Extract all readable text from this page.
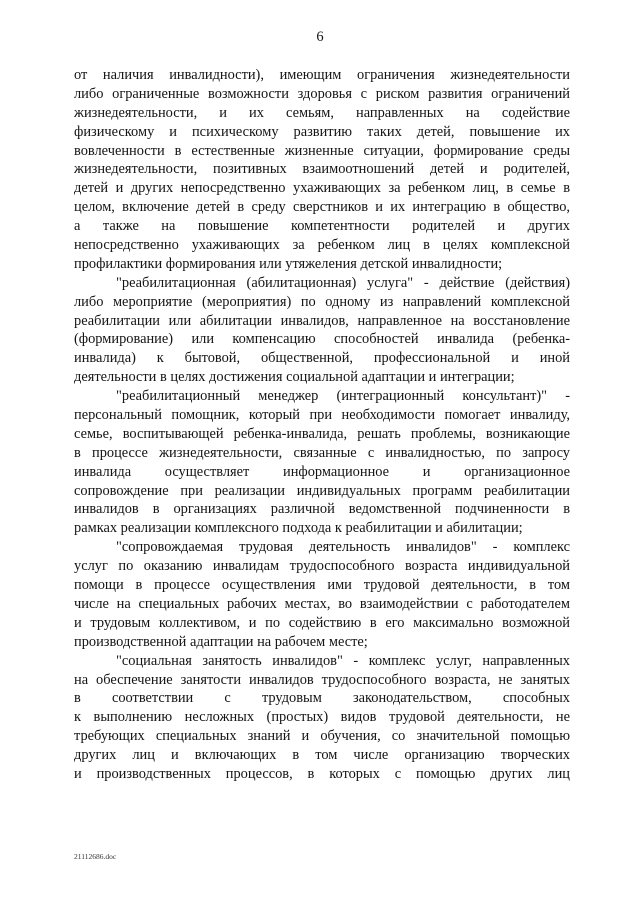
6
от наличия инвалидности), имеющим ограничения жизнедеятельности
либо ограниченные возможности здоровья с риском развития ограничений
жизнедеятельности, и их семьям, направленных на содействие
физическому и психическому развитию таких детей, повышение их
вовлеченности в естественные жизненные ситуации, формирование среды
жизнедеятельности, позитивных взаимоотношений детей и родителей,
детей и других непосредственно ухаживающих за ребенком лиц, в семье в
целом, включение детей в среду сверстников и их интеграцию в общество,
а также на повышение компетентности родителей и других
непосредственно ухаживающих за ребенком лиц в целях комплексной
профилактики формирования или утяжеления детской инвалидности;
"реабилитационная (абилитационная) услуга" - действие (действия)
либо мероприятие (мероприятия) по одному из направлений комплексной
реабилитации или абилитации инвалидов, направленное на восстановление
(формирование) или компенсацию способностей инвалида (ребенка-
инвалида) к бытовой, общественной, профессиональной и иной
деятельности в целях достижения социальной адаптации и интеграции;
"реабилитационный менеджер (интеграционный консультант)" -
персональный помощник, который при необходимости помогает инвалиду,
семье, воспитывающей ребенка-инвалида, решать проблемы, возникающие
в процессе жизнедеятельности, связанные с инвалидностью, по запросу
инвалида осуществляет информационное и организационное
сопровождение при реализации индивидуальных программ реабилитации
инвалидов в организациях различной ведомственной подчиненности в
рамках реализации комплексного подхода к реабилитации и абилитации;
"сопровождаемая трудовая деятельность инвалидов" - комплекс
услуг по оказанию инвалидам трудоспособного возраста индивидуальной
помощи в процессе осуществления ими трудовой деятельности, в том
числе на специальных рабочих местах, во взаимодействии с работодателем
и трудовым коллективом, и по содействию в его максимально возможной
производственной адаптации на рабочем месте;
"социальная занятость инвалидов" - комплекс услуг, направленных
на обеспечение занятости инвалидов трудоспособного возраста, не занятых
в соответствии с трудовым законодательством, способных
к выполнению несложных (простых) видов трудовой деятельности, не
требующих специальных знаний и обучения, со значительной помощью
других лиц и включающих в том числе организацию творческих
и производственных процессов, в которых с помощью других лиц
21112686.doc
